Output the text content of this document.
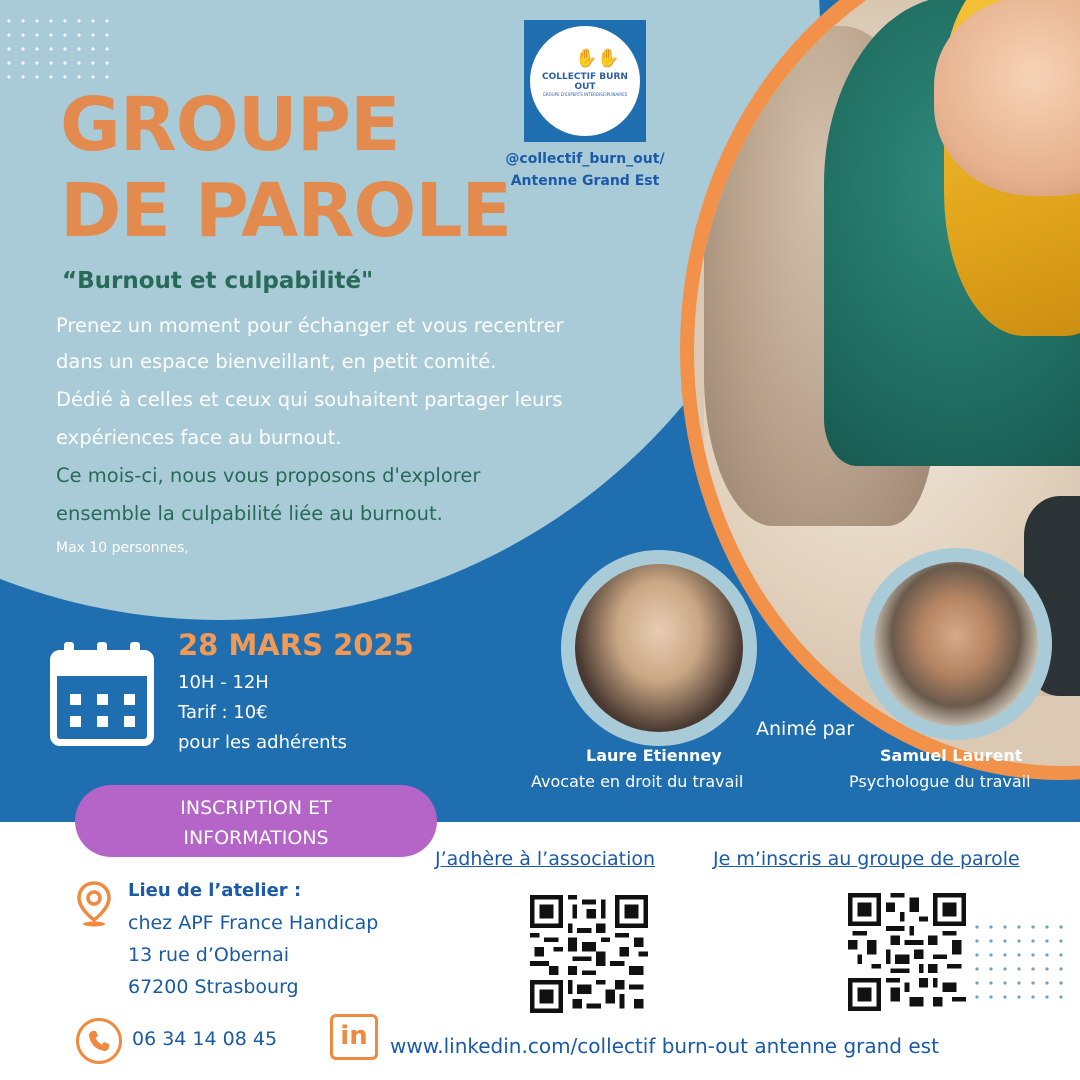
GROUPE
DE PAROLE
✋✋
COLLECTIF BURN OUT
GROUPE D'EXPERTS INTERDISCIPLINAIRES
@collectif_burn_out/
Antenne Grand Est
“Burnout et culpabilité"
Prenez un moment pour échanger et vous recentrer
dans un espace bienveillant, en petit comité.
Dédié à celles et ceux qui souhaitent partager leurs
expériences face au burnout.
Ce mois-ci, nous vous proposons d'explorer
ensemble la culpabilité liée au burnout.
Max 10 personnes,
28 MARS 2025
10H - 12H
Tarif : 10€
pour les adhérents
Animé par
Laure Etienney
Avocate en droit du travail
Samuel Laurent
Psychologue du travail
INSCRIPTION ET
INFORMATIONS
J’adhère à l’association	Je m’inscris au groupe de parole
Lieu de l’atelier :
chez APF France Handicap
13 rue d’Obernai
67200 Strasbourg
06 34 14 08 45	in	www.linkedin.com/collectif burn-out antenne grand est
